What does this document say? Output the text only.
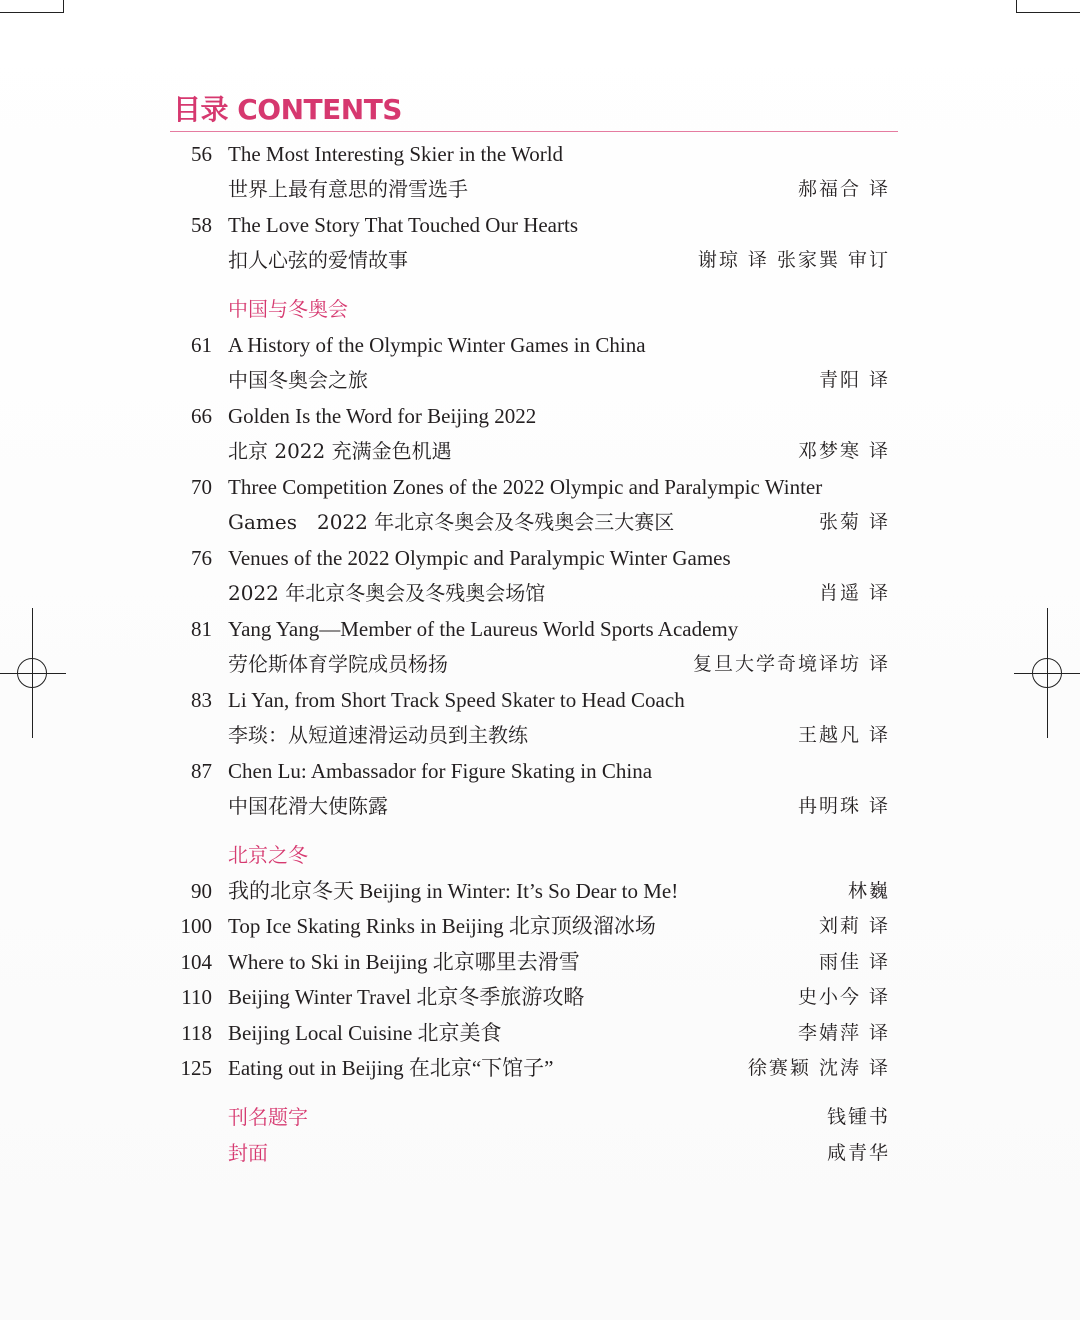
目录 CONTENTS
56 The Most Interesting Skier in the World
世界上最有意思的滑雪选手	郝福合 译
58 The Love Story That Touched Our Hearts
扣人心弦的爱情故事	谢琼 译 张家巽 审订
中国与冬奥会
61 A History of the Olympic Winter Games in China
中国冬奥会之旅	青阳 译
66 Golden Is the Word for Beijing 2022
北京 2022 充满金色机遇	邓梦寒 译
70 Three Competition Zones of the 2022 Olympic and Paralympic Winter
Games　2022 年北京冬奥会及冬残奥会三大赛区	张菊 译
76 Venues of the 2022 Olympic and Paralympic Winter Games
2022 年北京冬奥会及冬残奥会场馆	肖遥 译
81 Yang Yang—Member of the Laureus World Sports Academy
劳伦斯体育学院成员杨扬	复旦大学奇境译坊 译
83 Li Yan, from Short Track Speed Skater to Head Coach
李琰：从短道速滑运动员到主教练	王越凡 译
87 Chen Lu: Ambassador for Figure Skating in China
中国花滑大使陈露	冉明珠 译
北京之冬
90 我的北京冬天 Beijing in Winter: It’s So Dear to Me!	林巍
100 Top Ice Skating Rinks in Beijing 北京顶级溜冰场	刘莉 译
104 Where to Ski in Beijing 北京哪里去滑雪	雨佳 译
110 Beijing Winter Travel 北京冬季旅游攻略	史小今 译
118 Beijing Local Cuisine 北京美食	李婧萍 译
125 Eating out in Beijing 在北京“下馆子”	徐赛颖 沈涛 译
刊名题字	钱锺书
封面	咸青华
